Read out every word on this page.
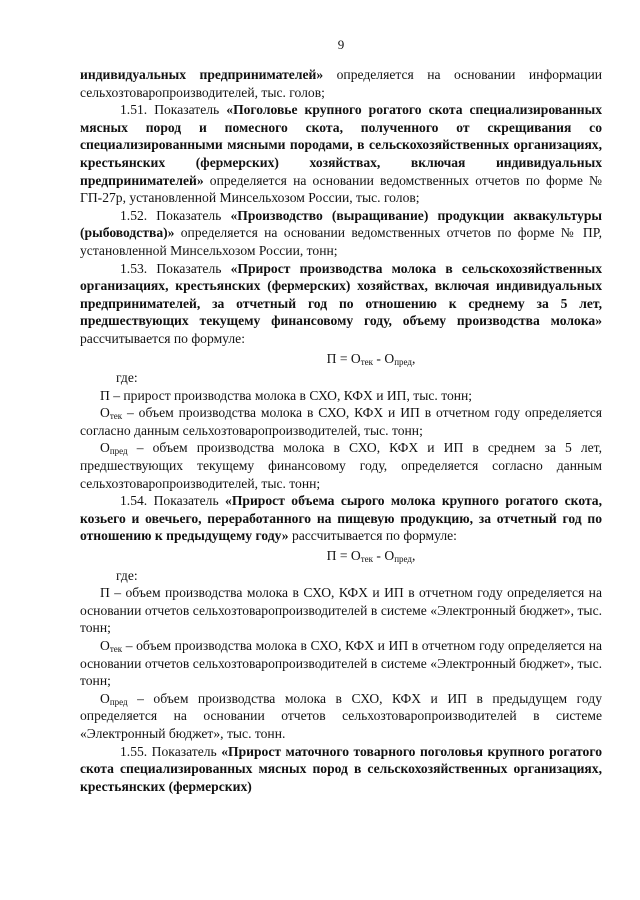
9

индивидуальных предпринимателей» определяется на основании информации сельхозтоваропроизводителей, тыс. голов;

1.51. Показатель «Поголовье крупного рогатого скота специализированных мясных пород и помесного скота, полученного от скрещивания со специализированными мясными породами, в сельскохозяйственных организациях, крестьянских (фермерских) хозяйствах, включая индивидуальных предпринимателей» определяется на основании ведомственных отчетов по форме № ГП-27р, установленной Минсельхозом России, тыс. голов;

1.52. Показатель «Производство (выращивание) продукции аквакультуры (рыбоводства)» определяется на основании ведомственных отчетов по форме № ПР, установленной Минсельхозом России, тонн;

1.53. Показатель «Прирост производства молока в сельскохозяйственных организациях, крестьянских (фермерских) хозяйствах, включая индивидуальных предпринимателей, за отчетный год по отношению к среднему за 5 лет, предшествующих текущему финансовому году, объему производства молока» рассчитывается по формуле:

$П = О_{тек} - О_{пред}$,

где:

П – прирост производства молока в СХО, КФХ и ИП, тыс. тонн;

$О_{тек}$ – объем производства молока в СХО, КФХ и ИП в отчетном году определяется согласно данным сельхозтоваропроизводителей, тыс. тонн;

$О_{пред}$ – объем производства молока в СХО, КФХ и ИП в среднем за 5 лет, предшествующих текущему финансовому году, определяется согласно данным сельхозтоваропроизводителей, тыс. тонн;

1.54. Показатель «Прирост объема сырого молока крупного рогатого скота, козьего и овечьего, переработанного на пищевую продукцию, за отчетный год по отношению к предыдущему году» рассчитывается по формуле:

$П = О_{тек} - О_{пред}$,

где:

П – объем производства молока в СХО, КФХ и ИП в отчетном году определяется на основании отчетов сельхозтоваропроизводителей в системе «Электронный бюджет», тыс. тонн;

$О_{тек}$ – объем производства молока в СХО, КФХ и ИП в отчетном году определяется на основании отчетов сельхозтоваропроизводителей в системе «Электронный бюджет», тыс. тонн;

$О_{пред}$ – объем производства молока в СХО, КФХ и ИП в предыдущем году определяется на основании отчетов сельхозтоваропроизводителей в системе «Электронный бюджет», тыс. тонн.

1.55. Показатель «Прирост маточного товарного поголовья крупного рогатого скота специализированных мясных пород в сельскохозяйственных организациях, крестьянских (фермерских)
